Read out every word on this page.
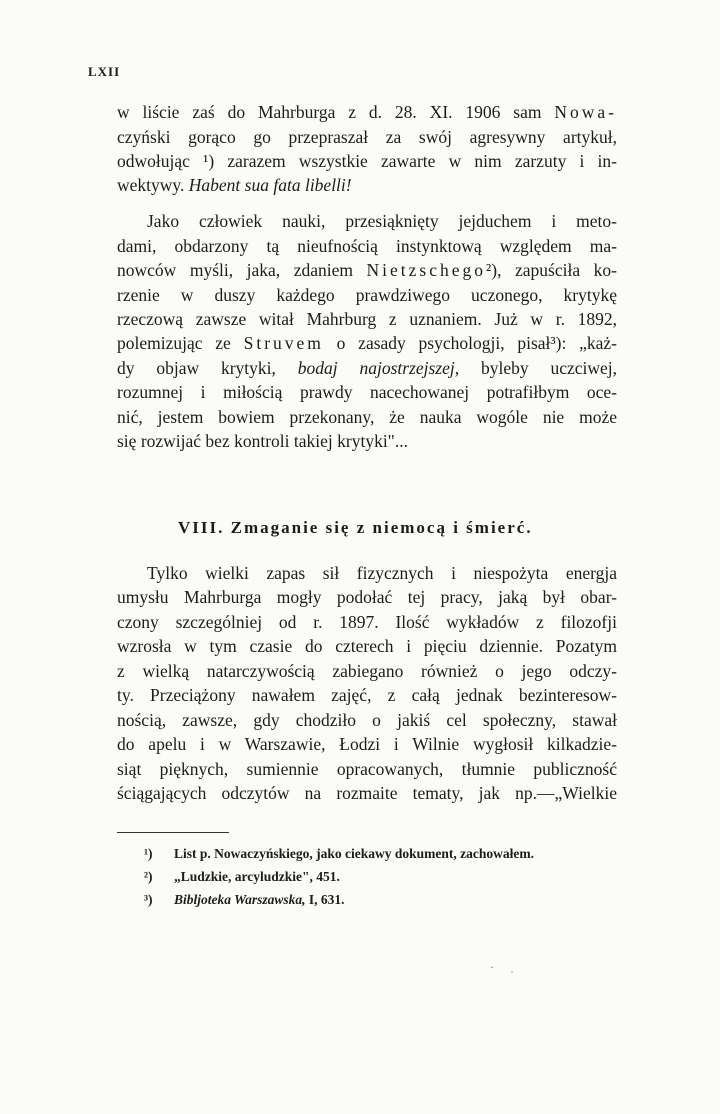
LXII
w liście zaś do Mahrburga z d. 28. XI. 1906 sam Nowa-
czyński gorąco go przepraszał za swój agresywny artykuł,
odwołując ¹) zarazem wszystkie zawarte w nim zarzuty i in-
wektywy. Habent sua fata libelli!
Jako człowiek nauki, przesiąknięty jejduchem i meto-
dami, obdarzony tą nieufnością instynktową względem ma-
nowców myśli, jaka, zdaniem Nietzschego²), zapuściła ko-
rzenie w duszy każdego prawdziwego uczonego, krytykę
rzeczową zawsze witał Mahrburg z uznaniem. Już w r. 1892,
polemizując ze Struvem o zasady psychologji, pisał³): „każ-
dy objaw krytyki, bodaj najostrzejszej, byleby uczciwej,
rozumnej i miłością prawdy nacechowanej potrafiłbym oce-
nić, jestem bowiem przekonany, że nauka wogóle nie może
się rozwijać bez kontroli takiej krytyki"...
VIII. Zmaganie się z niemocą i śmierć.
Tylko wielki zapas sił fizycznych i niespożyta energja
umysłu Mahrburga mogły podołać tej pracy, jaką był obar-
czony szczególniej od r. 1897. Ilość wykładów z filozofji
wzrosła w tym czasie do czterech i pięciu dziennie. Pozatym
z wielką natarczywością zabiegano również o jego odczy-
ty. Przeciążony nawałem zajęć, z całą jednak bezinteresow-
nością, zawsze, gdy chodziło o jakiś cel społeczny, stawał
do apelu i w Warszawie, Łodzi i Wilnie wygłosił kilkadzie-
siąt pięknych, sumiennie opracowanych, tłumnie publiczność
ściągających odczytów na rozmaite tematy, jak np.—„Wielkie
¹) List p. Nowaczyńskiego, jako ciekawy dokument, zachowałem.
²) „Ludzkie, arcyludzkie", 451.
³) Bibljoteka Warszawska, I, 631.
·
˙
